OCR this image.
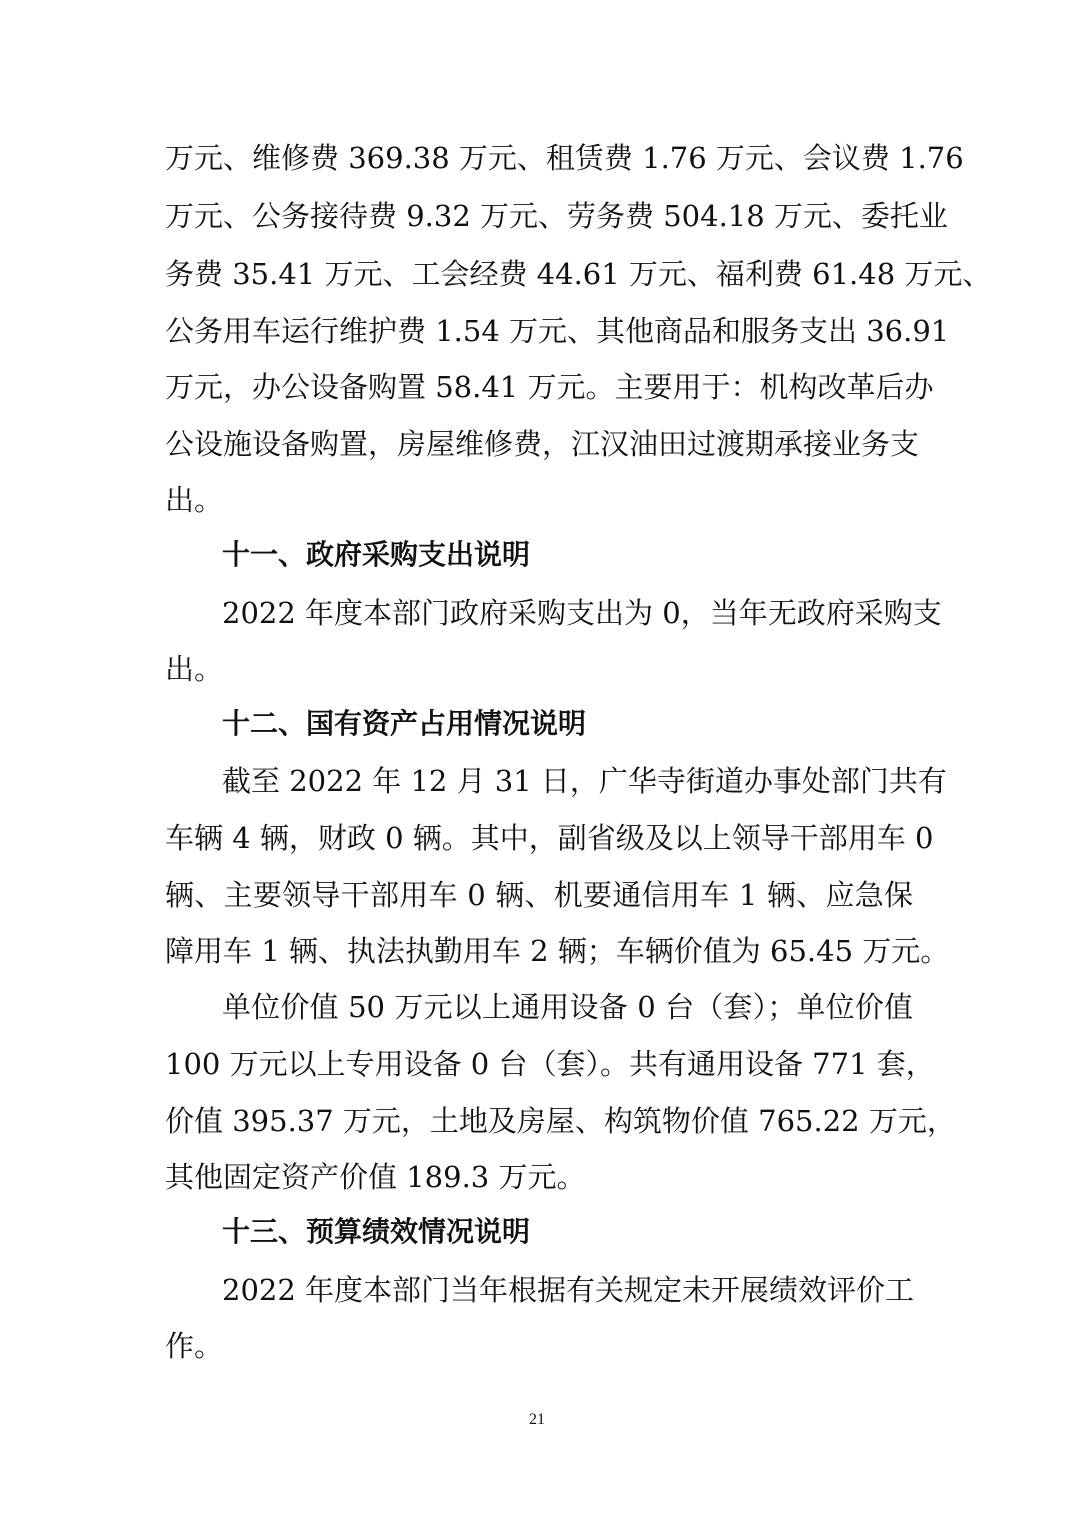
万元、维修费 369.38 万元、租赁费 1.76 万元、会议费 1.76
万元、公务接待费 9.32 万元、劳务费 504.18 万元、委托业
务费 35.41 万元、工会经费 44.61 万元、福利费 61.48 万元、
公务用车运行维护费 1.54 万元、其他商品和服务支出 36.91
万元，办公设备购置 58.41 万元。主要用于：机构改革后办
公设施设备购置，房屋维修费，江汉油田过渡期承接业务支
出。
十一、政府采购支出说明
2022 年度本部门政府采购支出为 0，当年无政府采购支
出。
十二、国有资产占用情况说明
截至 2022 年 12 月 31 日，广华寺街道办事处部门共有
车辆 4 辆，财政 0 辆。其中，副省级及以上领导干部用车 0
辆、主要领导干部用车 0 辆、机要通信用车 1 辆、应急保
障用车 1 辆、执法执勤用车 2 辆；车辆价值为 65.45 万元。
单位价值 50 万元以上通用设备 0 台（套）；单位价值
100 万元以上专用设备 0 台（套）。共有通用设备 771 套，
价值 395.37 万元，土地及房屋、构筑物价值 765.22 万元，
其他固定资产价值 189.3 万元。
十三、预算绩效情况说明
2022 年度本部门当年根据有关规定未开展绩效评价工
作。
21
